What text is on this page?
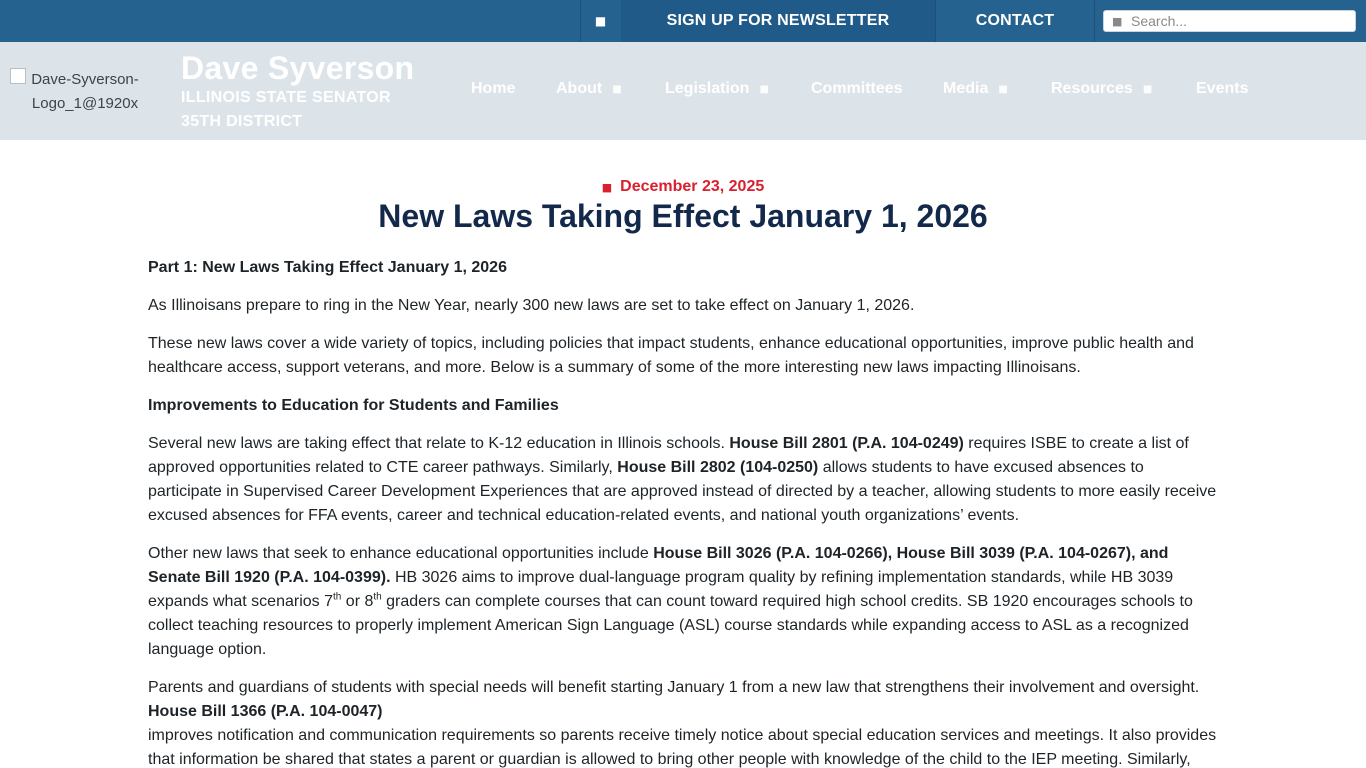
■	SIGN UP FOR NEWSLETTER	CONTACT	■
Search...
Dave-Syverson-Logo_1@1920x
Dave Syverson
ILLINOIS STATE SENATOR
35TH DISTRICT
Home	About ■	Legislation ■	Committees	Media ■	Resources ■	Events
■ December 23, 2025
New Laws Taking Effect January 1, 2026

Part 1: New Laws Taking Effect January 1, 2026

As Illinoisans prepare to ring in the New Year, nearly 300 new laws are set to take effect on January 1, 2026.

These new laws cover a wide variety of topics, including policies that impact students, enhance educational opportunities, improve public health and healthcare access, support veterans, and more. Below is a summary of some of the more interesting new laws impacting Illinoisans.

Improvements to Education for Students and Families

Several new laws are taking effect that relate to K-12 education in Illinois schools. House Bill 2801 (P.A. 104-0249) requires ISBE to create a list of approved opportunities related to CTE career pathways. Similarly, House Bill 2802 (104-0250) allows students to have excused absences to participate in Supervised Career Development Experiences that are approved instead of directed by a teacher, allowing students to more easily receive excused absences for FFA events, career and technical education-related events, and national youth organizations’ events.

Other new laws that seek to enhance educational opportunities include House Bill 3026 (P.A. 104-0266), House Bill 3039 (P.A. 104-0267), and Senate Bill 1920 (P.A. 104-0399). HB 3026 aims to improve dual-language program quality by refining implementation standards, while HB 3039 expands what scenarios 7th or 8th graders can complete courses that can count toward required high school credits. SB 1920 encourages schools to collect teaching resources to properly implement American Sign Language (ASL) course standards while expanding access to ASL as a recognized language option.

Parents and guardians of students with special needs will benefit starting January 1 from a new law that strengthens their involvement and oversight. House Bill 1366 (P.A. 104-0047)
improves notification and communication requirements so parents receive timely notice about special education services and meetings. It also provides that information be shared that states a parent or guardian is allowed to bring other people with knowledge of the child to the IEP meeting. Similarly,
